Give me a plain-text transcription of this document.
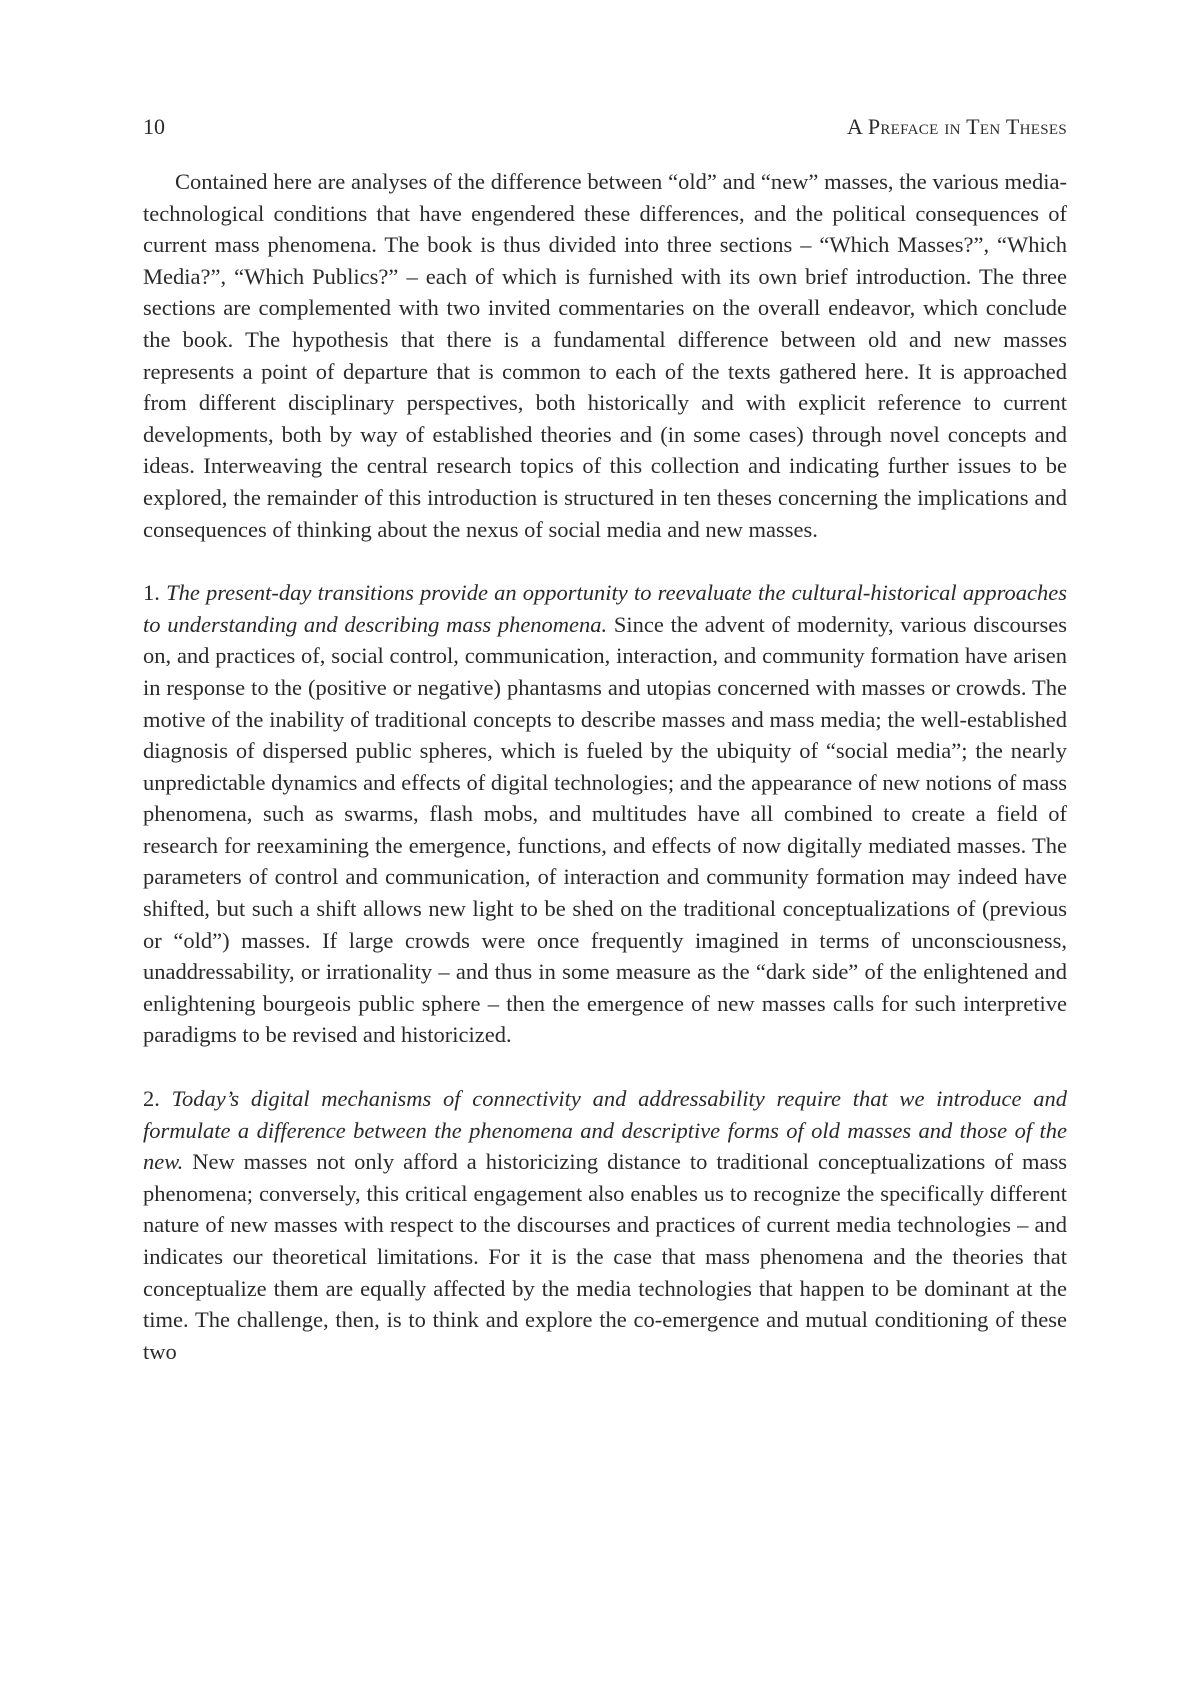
10	A Preface in Ten Theses

Contained here are analyses of the difference between “old” and “new” masses, the various media-technological conditions that have engendered these differences, and the political consequences of current mass phenomena. The book is thus divided into three sections – “Which Masses?”, “Which Media?”, “Which Publics?” – each of which is furnished with its own brief introduction. The three sections are complemented with two invited commentaries on the overall endeavor, which conclude the book. The hypothesis that there is a fundamental difference between old and new masses represents a point of departure that is common to each of the texts gathered here. It is approached from different disciplinary perspectives, both historically and with explicit reference to current developments, both by way of established theories and (in some cases) through novel concepts and ideas. Interweaving the central research topics of this collection and indicating further issues to be explored, the remainder of this introduction is structured in ten theses concerning the implications and consequences of thinking about the nexus of social media and new masses.

1. The present-day transitions provide an opportunity to reevaluate the cultural-historical approaches to understanding and describing mass phenomena. Since the advent of modernity, various discourses on, and practices of, social control, communication, interaction, and community formation have arisen in response to the (positive or negative) phantasms and utopias concerned with masses or crowds. The motive of the inability of traditional concepts to describe masses and mass media; the well-established diagnosis of dispersed public spheres, which is fueled by the ubiquity of “social media”; the nearly unpredictable dynamics and effects of digital technologies; and the appearance of new notions of mass phenomena, such as swarms, flash mobs, and multitudes have all combined to create a field of research for reexamining the emergence, functions, and effects of now digitally mediated masses. The parameters of control and communication, of interaction and community formation may indeed have shifted, but such a shift allows new light to be shed on the traditional conceptualizations of (previous or “old”) masses. If large crowds were once frequently imagined in terms of unconsciousness, unaddressability, or irrationality – and thus in some measure as the “dark side” of the enlightened and enlightening bourgeois public sphere – then the emergence of new masses calls for such interpretive paradigms to be revised and historicized.

2. Today’s digital mechanisms of connectivity and addressability require that we introduce and formulate a difference between the phenomena and descriptive forms of old masses and those of the new. New masses not only afford a historicizing distance to traditional conceptualizations of mass phenomena; conversely, this critical engagement also enables us to recognize the specifically different nature of new masses with respect to the discourses and practices of current media technologies – and indicates our theoretical limitations. For it is the case that mass phenomena and the theories that conceptualize them are equally affected by the media technologies that happen to be dominant at the time. The challenge, then, is to think and explore the co-emergence and mutual conditioning of these two
